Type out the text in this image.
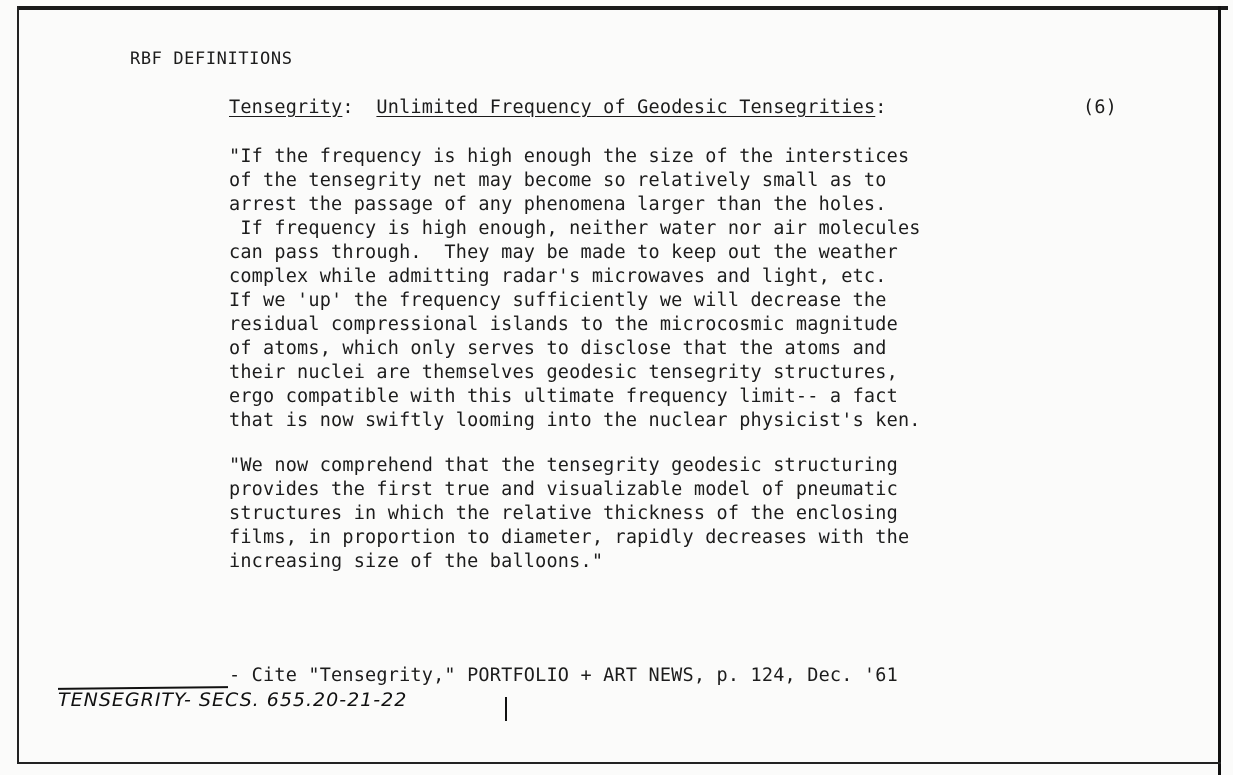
RBF DEFINITIONS
Tensegrity:  Unlimited Frequency of Geodesic Tensegrities:	(6)
"If the frequency is high enough the size of the interstices
of the tensegrity net may become so relatively small as to
arrest the passage of any phenomena larger than the holes.
If frequency is high enough, neither water nor air molecules
can pass through.  They may be made to keep out the weather
complex while admitting radar's microwaves and light, etc.
If we 'up' the frequency sufficiently we will decrease the
residual compressional islands to the microcosmic magnitude
of atoms, which only serves to disclose that the atoms and
their nuclei are themselves geodesic tensegrity structures,
ergo compatible with this ultimate frequency limit-- a fact
that is now swiftly looming into the nuclear physicist's ken.
"We now comprehend that the tensegrity geodesic structuring
provides the first true and visualizable model of pneumatic
structures in which the relative thickness of the enclosing
films, in proportion to diameter, rapidly decreases with the
increasing size of the balloons."
- Cite "Tensegrity," PORTFOLIO + ART NEWS, p. 124, Dec. '61
TENSEGRITY- SECS. 655.20-21-22
